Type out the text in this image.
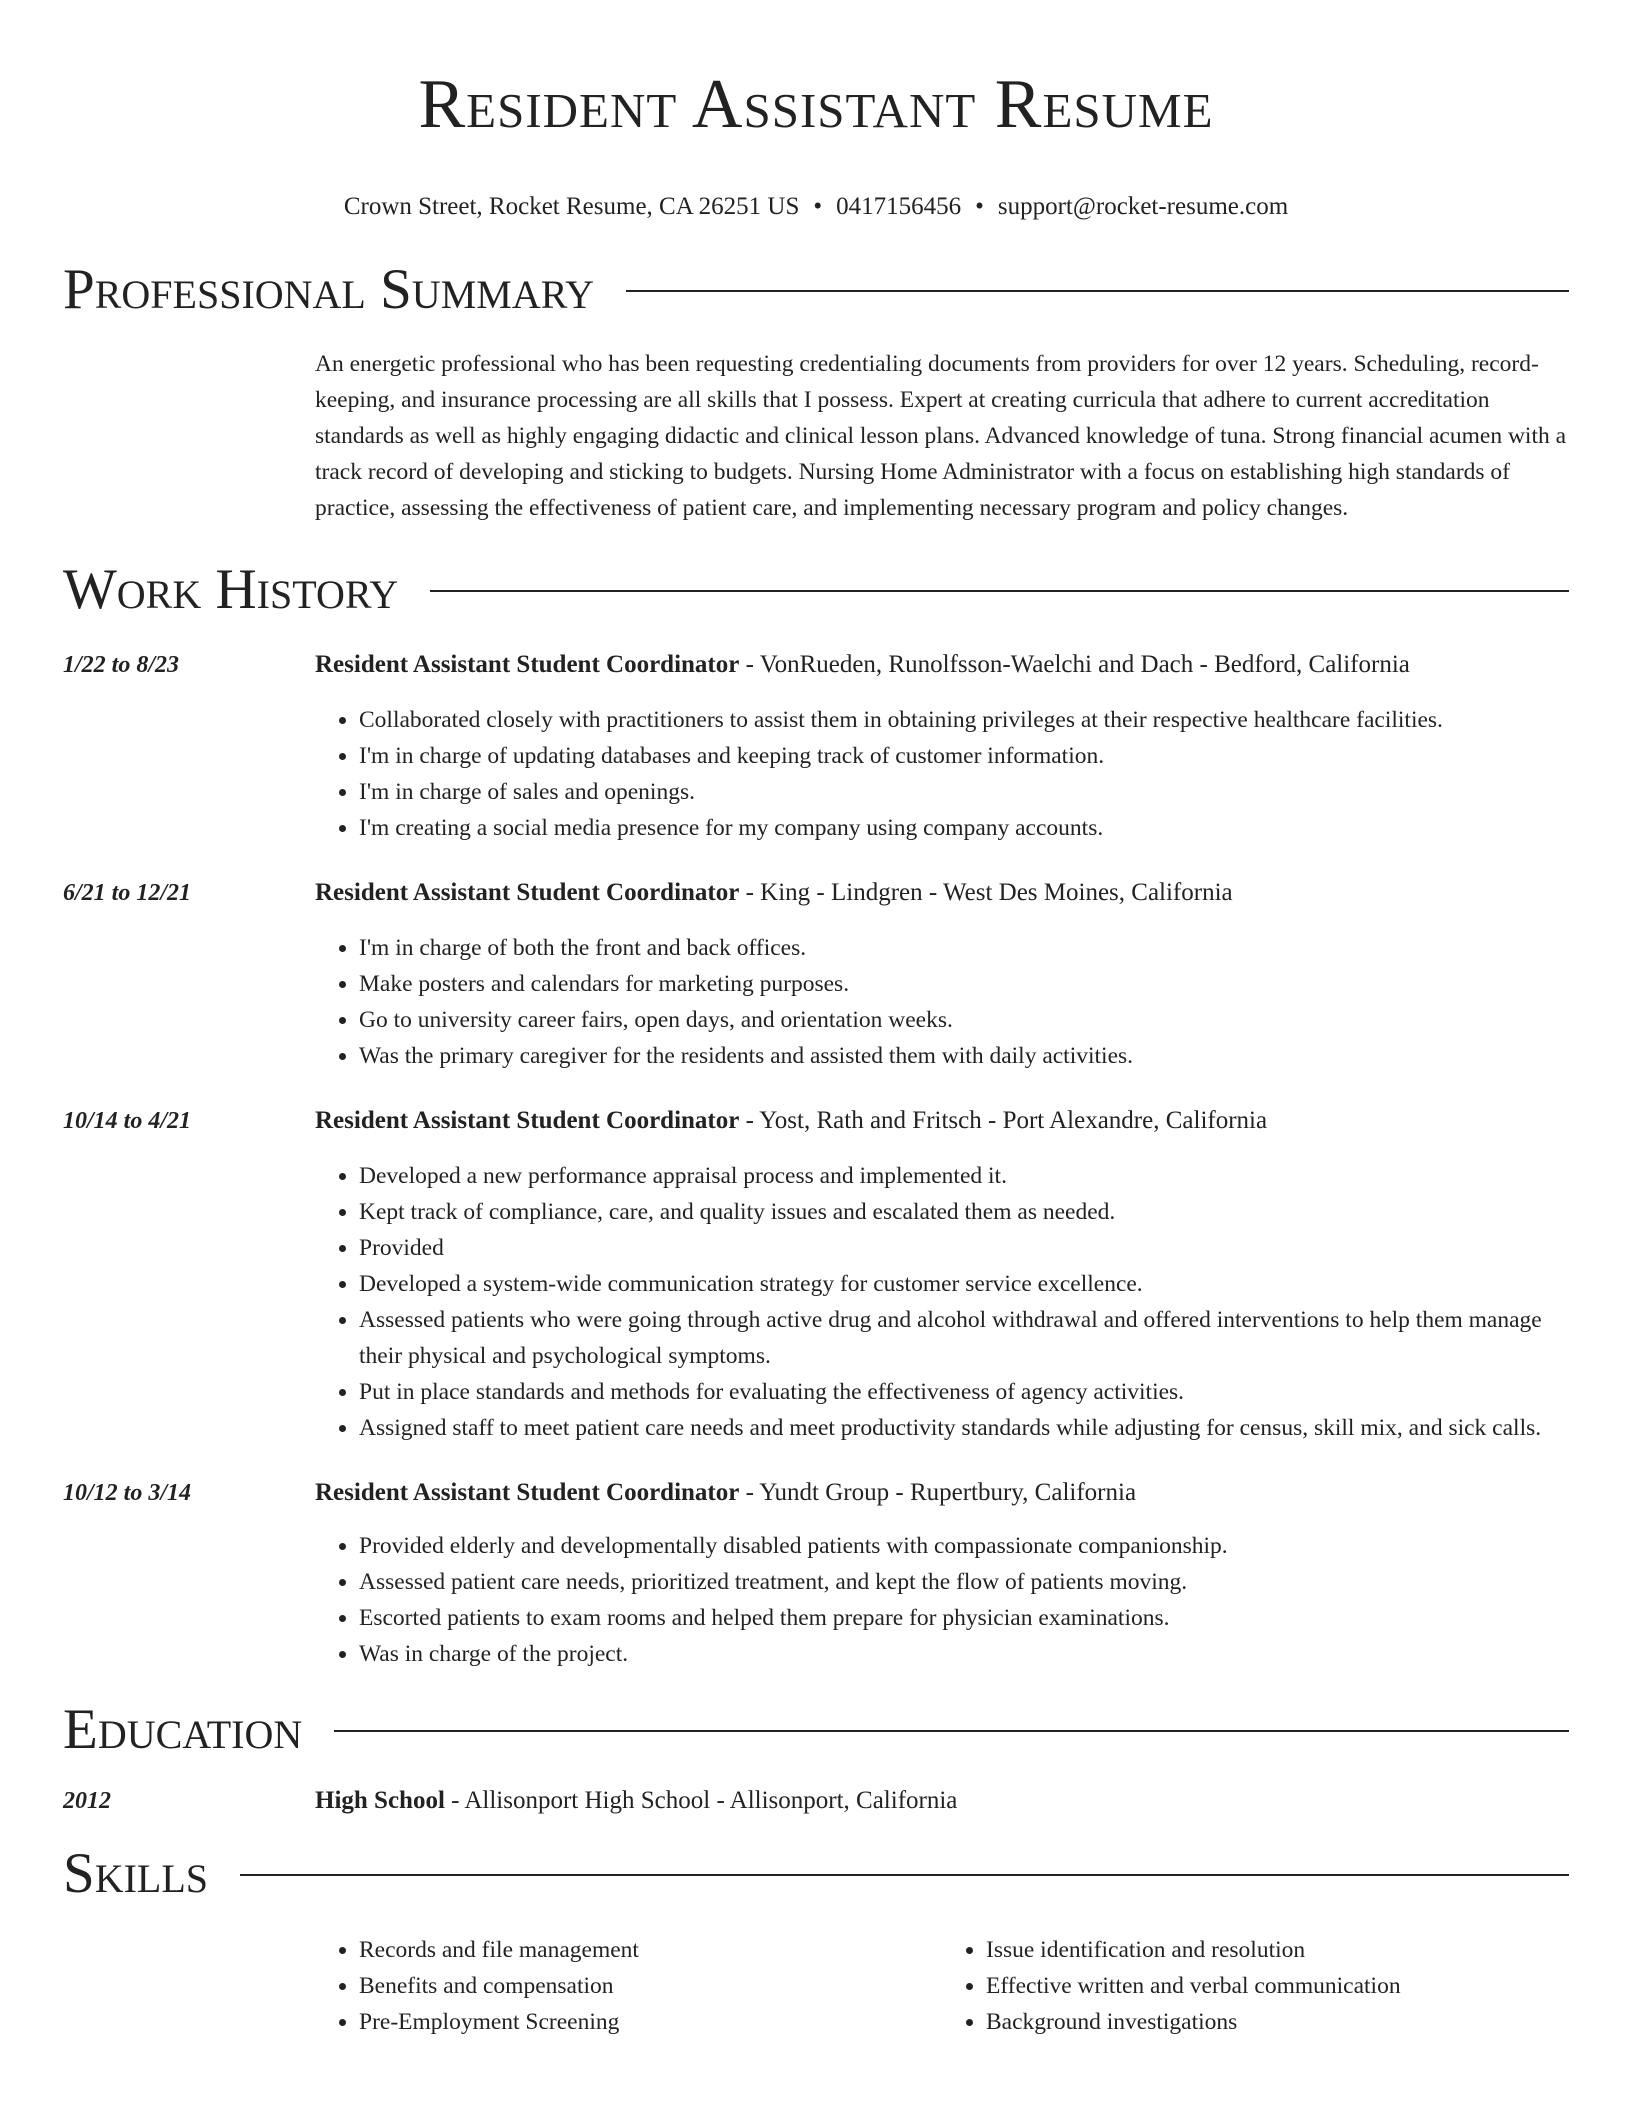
Resident Assistant Resume
Crown Street, Rocket Resume, CA 26251 US • 0417156456 • support@rocket-resume.com
Professional Summary
An energetic professional who has been requesting credentialing documents from providers for over 12 years. Scheduling, record-keeping, and insurance processing are all skills that I possess. Expert at creating curricula that adhere to current accreditation standards as well as highly engaging didactic and clinical lesson plans. Advanced knowledge of tuna. Strong financial acumen with a track record of developing and sticking to budgets. Nursing Home Administrator with a focus on establishing high standards of practice, assessing the effectiveness of patient care, and implementing necessary program and policy changes.
Work History
1/22 to 8/23	Resident Assistant Student Coordinator - VonRueden, Runolfsson-Waelchi and Dach - Bedford, California
• Collaborated closely with practitioners to assist them in obtaining privileges at their respective healthcare facilities.
• I'm in charge of updating databases and keeping track of customer information.
• I'm in charge of sales and openings.
• I'm creating a social media presence for my company using company accounts.
6/21 to 12/21	Resident Assistant Student Coordinator - King - Lindgren - West Des Moines, California
• I'm in charge of both the front and back offices.
• Make posters and calendars for marketing purposes.
• Go to university career fairs, open days, and orientation weeks.
• Was the primary caregiver for the residents and assisted them with daily activities.
10/14 to 4/21	Resident Assistant Student Coordinator - Yost, Rath and Fritsch - Port Alexandre, California
• Developed a new performance appraisal process and implemented it.
• Kept track of compliance, care, and quality issues and escalated them as needed.
• Provided
• Developed a system-wide communication strategy for customer service excellence.
• Assessed patients who were going through active drug and alcohol withdrawal and offered interventions to help them manage their physical and psychological symptoms.
• Put in place standards and methods for evaluating the effectiveness of agency activities.
• Assigned staff to meet patient care needs and meet productivity standards while adjusting for census, skill mix, and sick calls.
10/12 to 3/14	Resident Assistant Student Coordinator - Yundt Group - Rupertbury, California
• Provided elderly and developmentally disabled patients with compassionate companionship.
• Assessed patient care needs, prioritized treatment, and kept the flow of patients moving.
• Escorted patients to exam rooms and helped them prepare for physician examinations.
• Was in charge of the project.
Education
2012	High School - Allisonport High School - Allisonport, California
Skills
• Records and file management
• Benefits and compensation
• Pre-Employment Screening
• Issue identification and resolution
• Effective written and verbal communication
• Background investigations
